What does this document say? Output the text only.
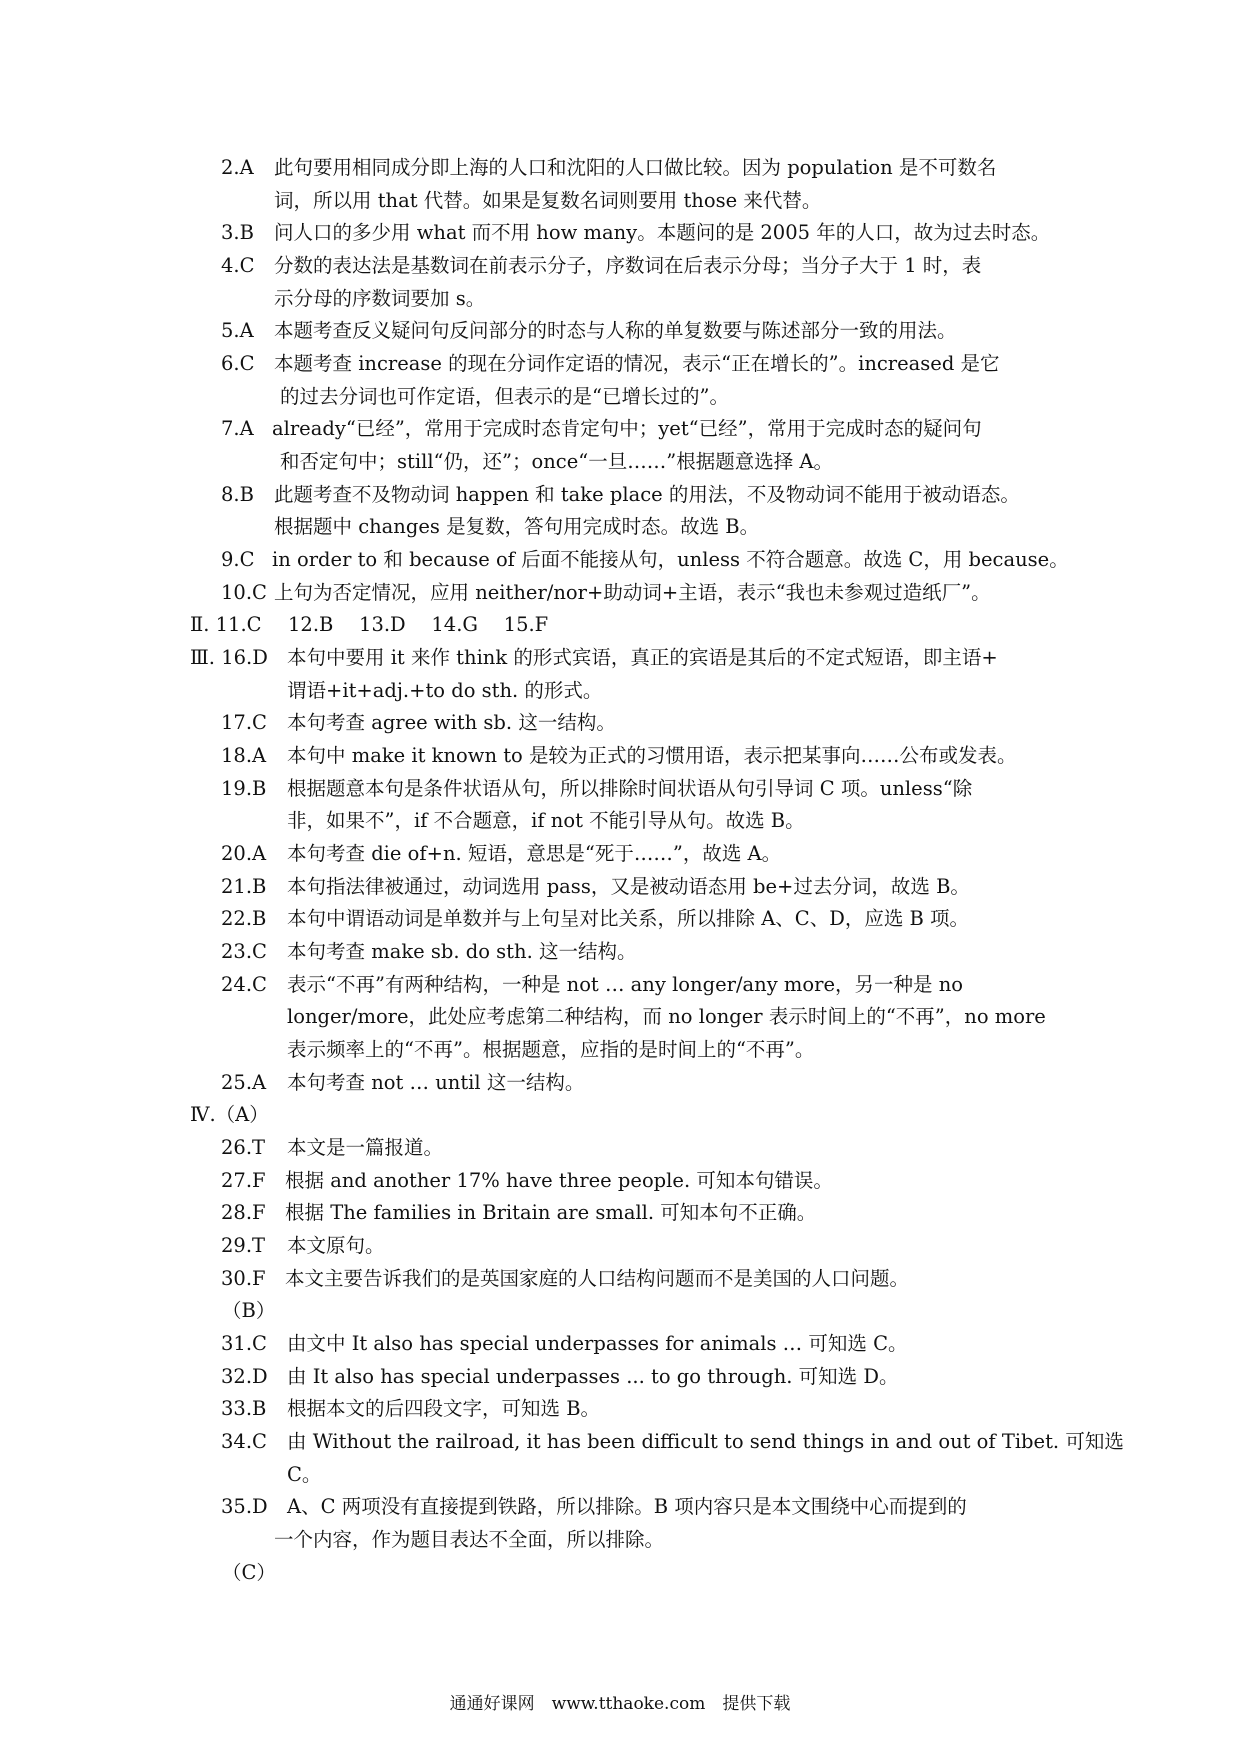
2.A 此句要用相同成分即上海的人口和沈阳的人口做比较。因为 population 是不可数名
词，所以用 that 代替。如果是复数名词则要用 those 来代替。
3.B 问人口的多少用 what 而不用 how many。本题问的是 2005 年的人口，故为过去时态。
4.C 分数的表达法是基数词在前表示分子，序数词在后表示分母；当分子大于 1 时，表
示分母的序数词要加 s。
5.A 本题考查反义疑问句反问部分的时态与人称的单复数要与陈述部分一致的用法。
6.C 本题考查 increase 的现在分词作定语的情况，表示“正在增长的”。increased 是它
的过去分词也可作定语，但表示的是“已增长过的”。
7.A already“已经”，常用于完成时态肯定句中；yet“已经”，常用于完成时态的疑问句
和否定句中；still“仍，还”；once“一旦……”根据题意选择 A。
8.B 此题考查不及物动词 happen 和 take place 的用法，不及物动词不能用于被动语态。
根据题中 changes 是复数，答句用完成时态。故选 B。
9.C in order to 和 because of 后面不能接从句，unless 不符合题意。故选 C，用 because。
10.C 上句为否定情况，应用 neither/nor+助动词+主语，表示“我也未参观过造纸厂”。
Ⅱ. 11.C 12.B　 13.D　 14.G　 15.F
Ⅲ. 16.D 本句中要用 it 来作 think 的形式宾语，真正的宾语是其后的不定式短语，即主语+
谓语+it+adj.+to do sth. 的形式。
17.C 本句考查 agree with sb. 这一结构。
18.A 本句中 make it known to 是较为正式的习惯用语，表示把某事向……公布或发表。
19.B 根据题意本句是条件状语从句，所以排除时间状语从句引导词 C 项。unless“除
非，如果不”，if 不合题意，if not 不能引导从句。故选 B。
20.A 本句考查 die of+n. 短语，意思是“死于……”，故选 A。
21.B 本句指法律被通过，动词选用 pass，又是被动语态用 be+过去分词，故选 B。
22.B 本句中谓语动词是单数并与上句呈对比关系，所以排除 A、C、D，应选 B 项。
23.C 本句考查 make sb. do sth. 这一结构。
24.C 表示“不再”有两种结构，一种是 not … any longer/any more，另一种是 no
longer/more，此处应考虑第二种结构，而 no longer 表示时间上的“不再”，no more
表示频率上的“不再”。根据题意，应指的是时间上的“不再”。
25.A 本句考查 not … until 这一结构。
Ⅳ.（A）
26.T 本文是一篇报道。
27.F 根据 and another 17% have three people. 可知本句错误。
28.F 根据 The families in Britain are small. 可知本句不正确。
29.T 本文原句。
30.F 本文主要告诉我们的是英国家庭的人口结构问题而不是美国的人口问题。
（B）
31.C 由文中 It also has special underpasses for animals … 可知选 C。
32.D 由 It also has special underpasses ... to go through. 可知选 D。
33.B 根据本文的后四段文字，可知选 B。
34.C 由 Without the railroad, it has been difficult to send things in and out of Tibet. 可知选
C。
35.D A、C 两项没有直接提到铁路，所以排除。B 项内容只是本文围绕中心而提到的
一个内容，作为题目表达不全面，所以排除。
（C）
通通好课网　www.tthaoke.com　提供下载
